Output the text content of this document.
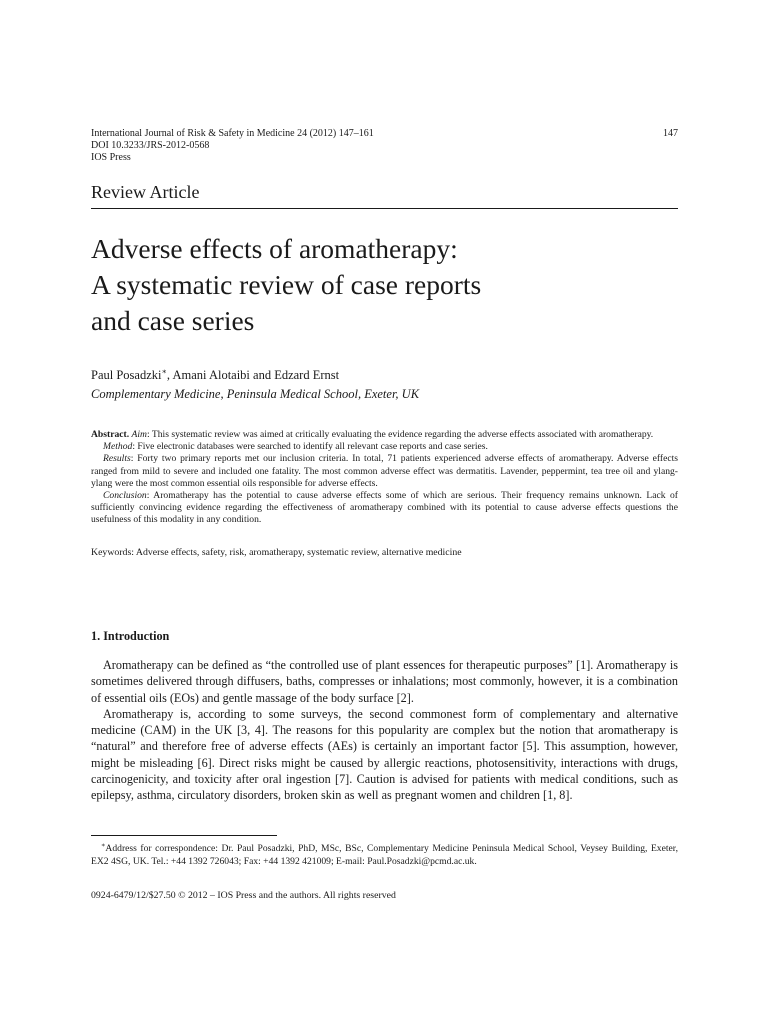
International Journal of Risk & Safety in Medicine 24 (2012) 147–161
DOI 10.3233/JRS-2012-0568
IOS Press
147
Review Article
Adverse effects of aromatherapy:
A systematic review of case reports
and case series
Paul Posadzki∗, Amani Alotaibi and Edzard Ernst
Complementary Medicine, Peninsula Medical School, Exeter, UK

Abstract. Aim: This systematic review was aimed at critically evaluating the evidence regarding the adverse effects associated with aromatherapy.

Method: Five electronic databases were searched to identify all relevant case reports and case series.

Results: Forty two primary reports met our inclusion criteria. In total, 71 patients experienced adverse effects of aromatherapy. Adverse effects ranged from mild to severe and included one fatality. The most common adverse effect was dermatitis. Lavender, peppermint, tea tree oil and ylang-ylang were the most common essential oils responsible for adverse effects.

Conclusion: Aromatherapy has the potential to cause adverse effects some of which are serious. Their frequency remains unknown. Lack of sufficiently convincing evidence regarding the effectiveness of aromatherapy combined with its potential to cause adverse effects questions the usefulness of this modality in any condition.

Keywords: Adverse effects, safety, risk, aromatherapy, systematic review, alternative medicine
1. Introduction

Aromatherapy can be defined as “the controlled use of plant essences for therapeutic purposes” [1]. Aromatherapy is sometimes delivered through diffusers, baths, compresses or inhalations; most commonly, however, it is a combination of essential oils (EOs) and gentle massage of the body surface [2].

Aromatherapy is, according to some surveys, the second commonest form of complementary and alternative medicine (CAM) in the UK [3, 4]. The reasons for this popularity are complex but the notion that aromatherapy is “natural” and therefore free of adverse effects (AEs) is certainly an important factor [5]. This assumption, however, might be misleading [6]. Direct risks might be caused by allergic reactions, photosensitivity, interactions with drugs, carcinogenicity, and toxicity after oral ingestion [7]. Caution is advised for patients with medical conditions, such as epilepsy, asthma, circulatory disorders, broken skin as well as pregnant women and children [1, 8].

∗Address for correspondence: Dr. Paul Posadzki, PhD, MSc, BSc, Complementary Medicine Peninsula Medical School, Veysey Building, Exeter, EX2 4SG, UK. Tel.: +44 1392 726043; Fax: +44 1392 421009; E-mail: Paul.Posadzki@pcmd.ac.uk.

0924-6479/12/$27.50 © 2012 – IOS Press and the authors. All rights reserved
